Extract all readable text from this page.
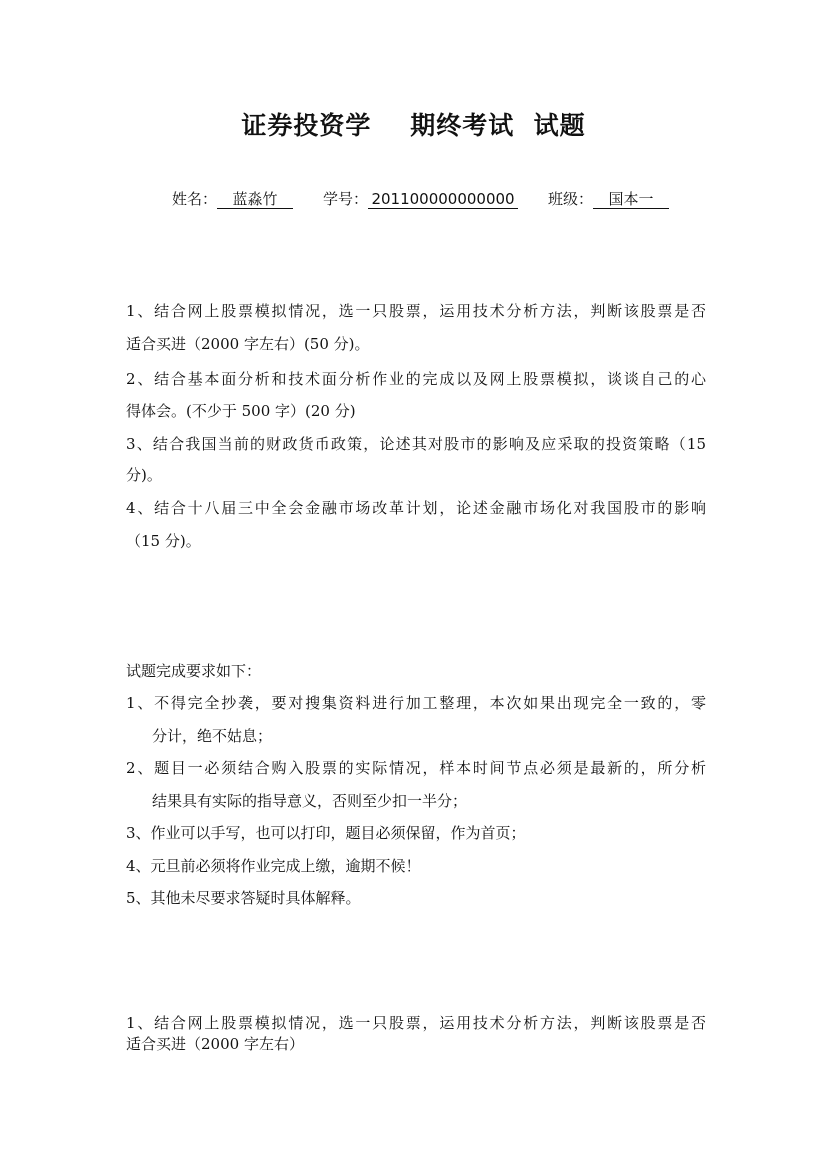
证券投资学    期终考试  试题
姓名： 蓝淼竹	学号： 201100000000000 班级： 国本一
1、结合网上股票模拟情况，选一只股票，运用技术分析方法，判断该股票是否
适合买进（2000 字左右）(50 分)。
2、结合基本面分析和技术面分析作业的完成以及网上股票模拟，谈谈自己的心
得体会。(不少于 500 字）(20 分)
3、结合我国当前的财政货币政策，论述其对股市的影响及应采取的投资策略（15
分)。
4、结合十八届三中全会金融市场改革计划，论述金融市场化对我国股市的影响
（15 分)。
试题完成要求如下：
1、不得完全抄袭，要对搜集资料进行加工整理，本次如果出现完全一致的，零
分计，绝不姑息；
2、题目一必须结合购入股票的实际情况，样本时间节点必须是最新的，所分析
结果具有实际的指导意义，否则至少扣一半分；
3、作业可以手写，也可以打印，题目必须保留，作为首页；
4、元旦前必须将作业完成上缴，逾期不候！
5、其他未尽要求答疑时具体解释。
1、结合网上股票模拟情况，选一只股票，运用技术分析方法，判断该股票是否
适合买进（2000 字左右）
